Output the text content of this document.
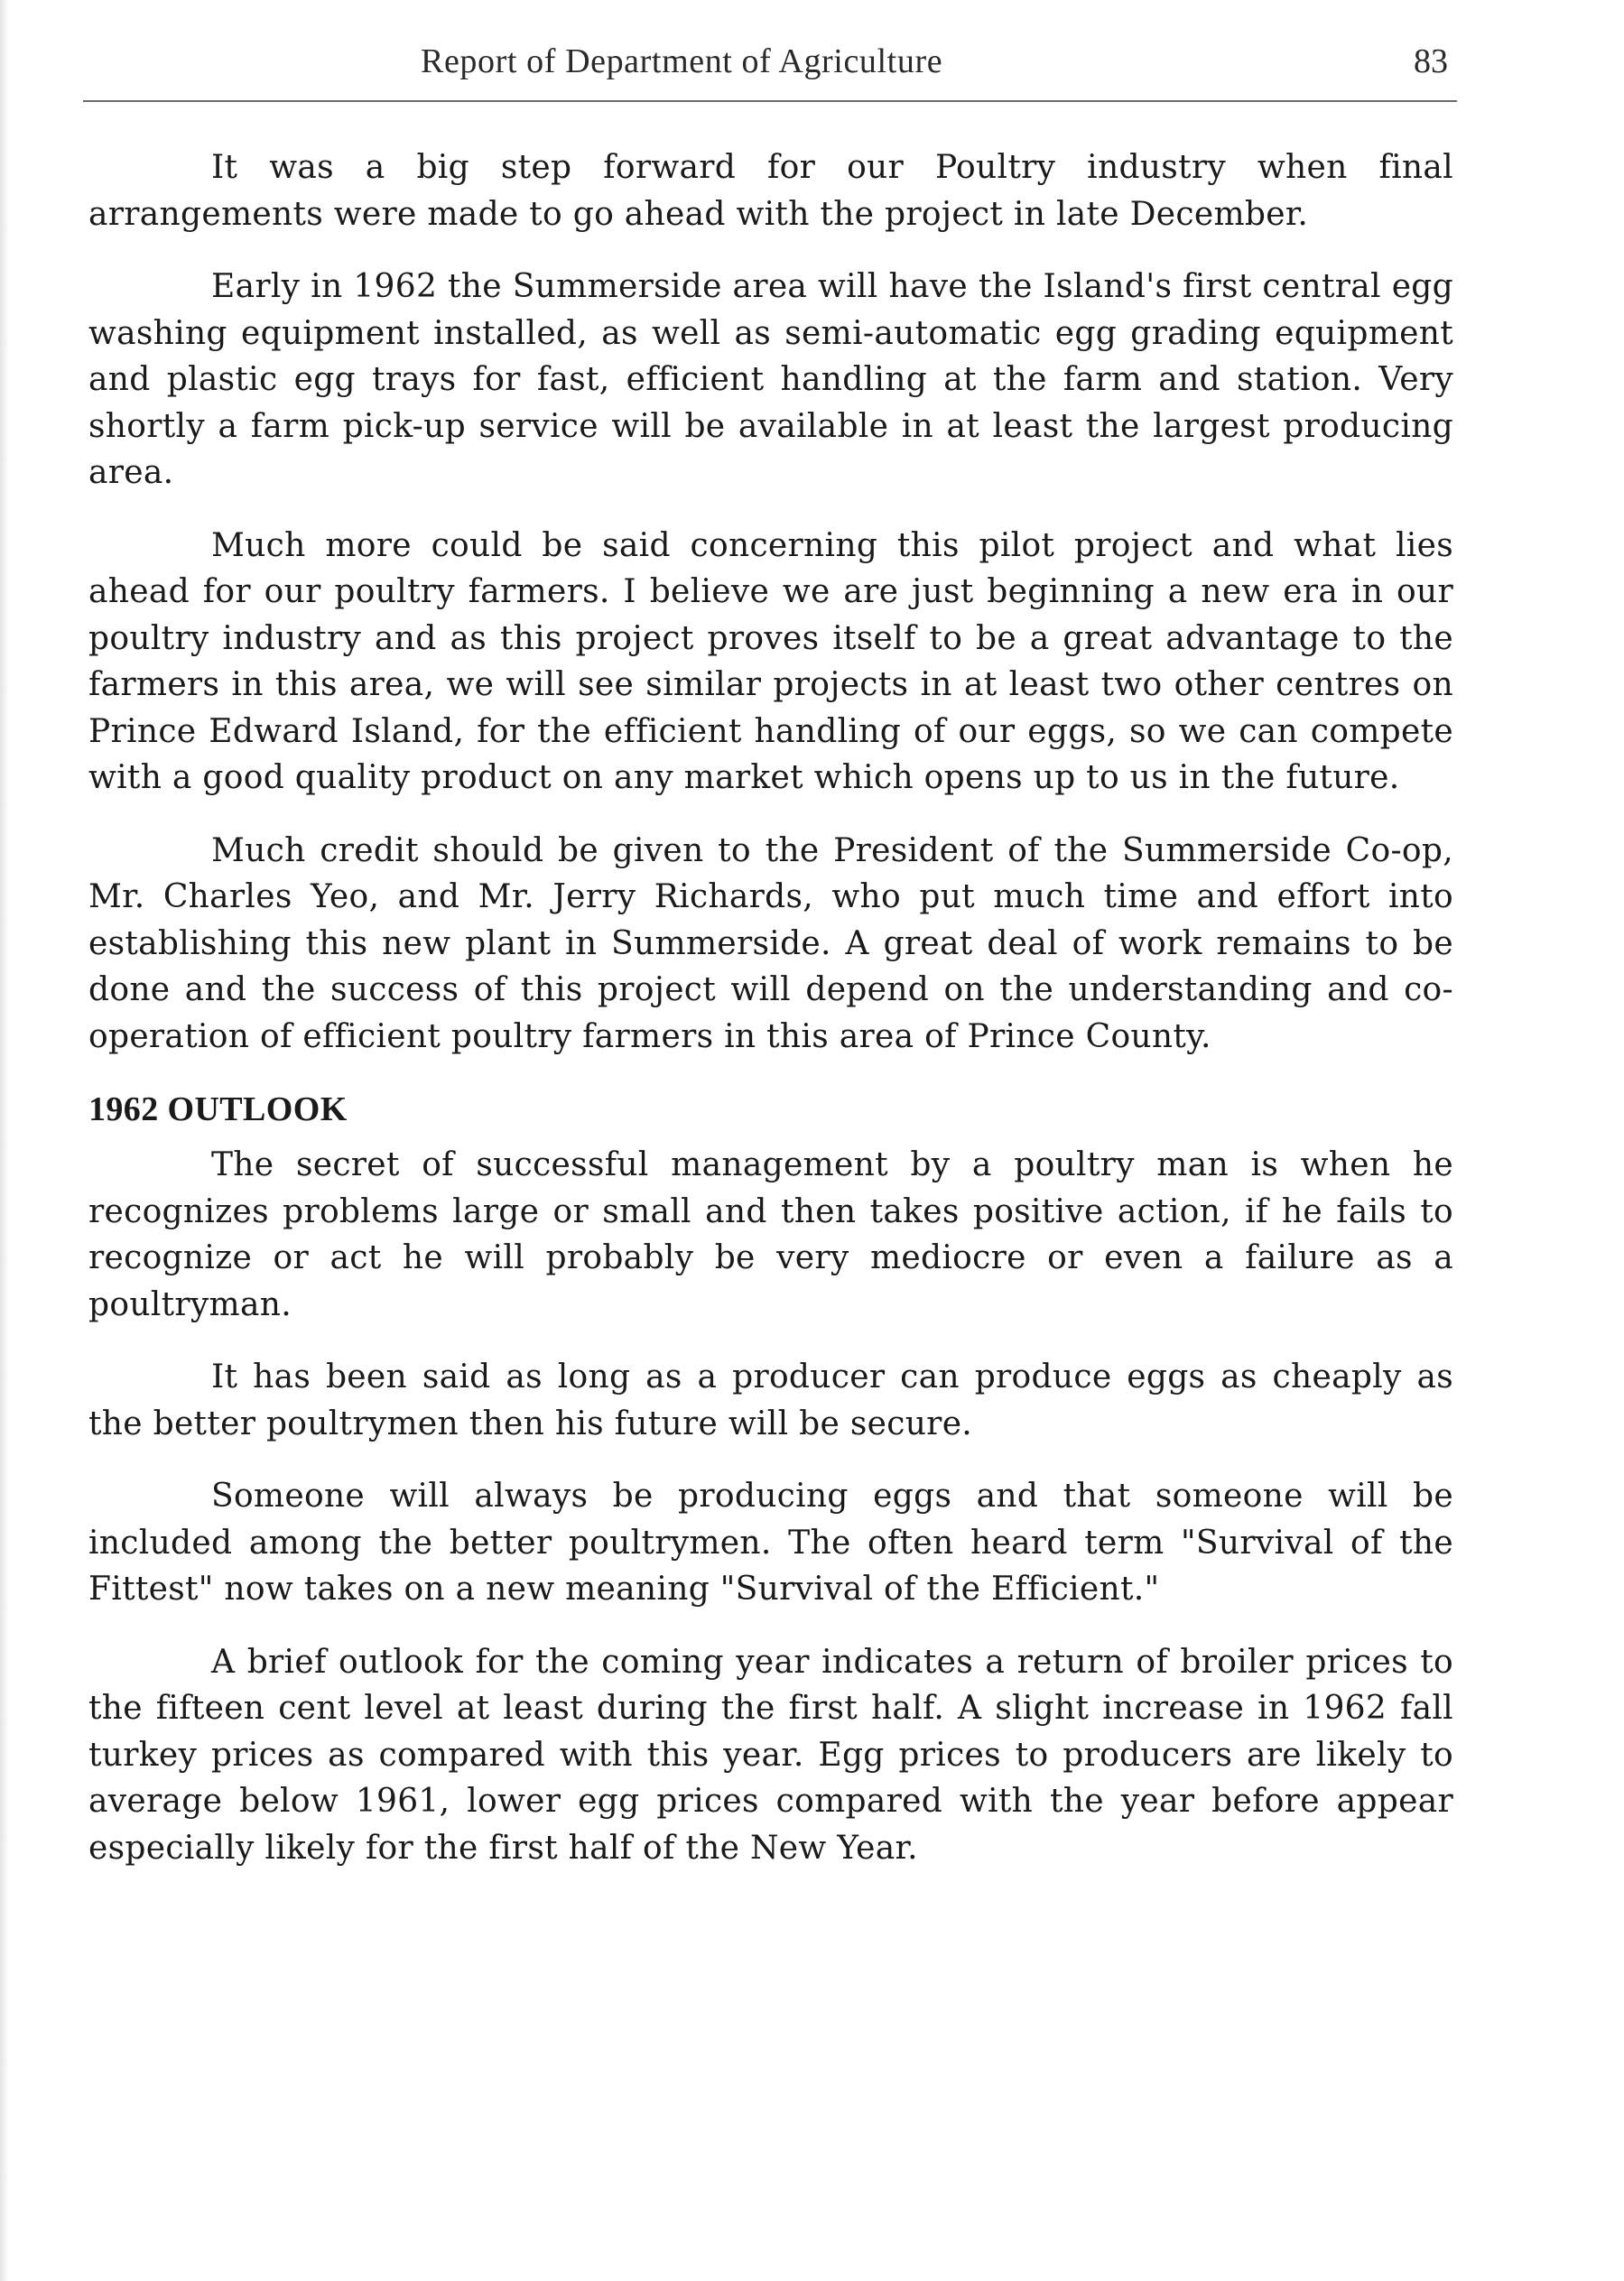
Report of Department of Agriculture	83

It was a big step forward for our Poultry industry when final arrangements were made to go ahead with the project in late December.

Early in 1962 the Summerside area will have the Island's first central egg washing equipment installed, as well as semi-automatic egg grading equipment and plastic egg trays for fast, efficient handling at the farm and station. Very shortly a farm pick-up service will be available in at least the largest producing area.

Much more could be said concerning this pilot project and what lies ahead for our poultry farmers. I believe we are just beginning a new era in our poultry industry and as this project proves itself to be a great advantage to the farmers in this area, we will see similar projects in at least two other centres on Prince Edward Island, for the efficient handling of our eggs, so we can compete with a good quality product on any market which opens up to us in the future.

Much credit should be given to the President of the Summerside Co-op, Mr. Charles Yeo, and Mr. Jerry Richards, who put much time and effort into establishing this new plant in Summerside. A great deal of work remains to be done and the success of this project will depend on the understanding and co-operation of efficient poultry farmers in this area of Prince County.

1962 OUTLOOK

The secret of successful management by a poultry man is when he recognizes problems large or small and then takes positive action, if he fails to recognize or act he will probably be very mediocre or even a failure as a poultryman.

It has been said as long as a producer can produce eggs as cheaply as the better poultrymen then his future will be secure.

Someone will always be producing eggs and that someone will be included among the better poultrymen. The often heard term "Survival of the Fittest" now takes on a new meaning "Survival of the Efficient."

A brief outlook for the coming year indicates a return of broiler prices to the fifteen cent level at least during the first half. A slight increase in 1962 fall turkey prices as compared with this year. Egg prices to producers are likely to average below 1961, lower egg prices compared with the year before appear especially likely for the first half of the New Year.
